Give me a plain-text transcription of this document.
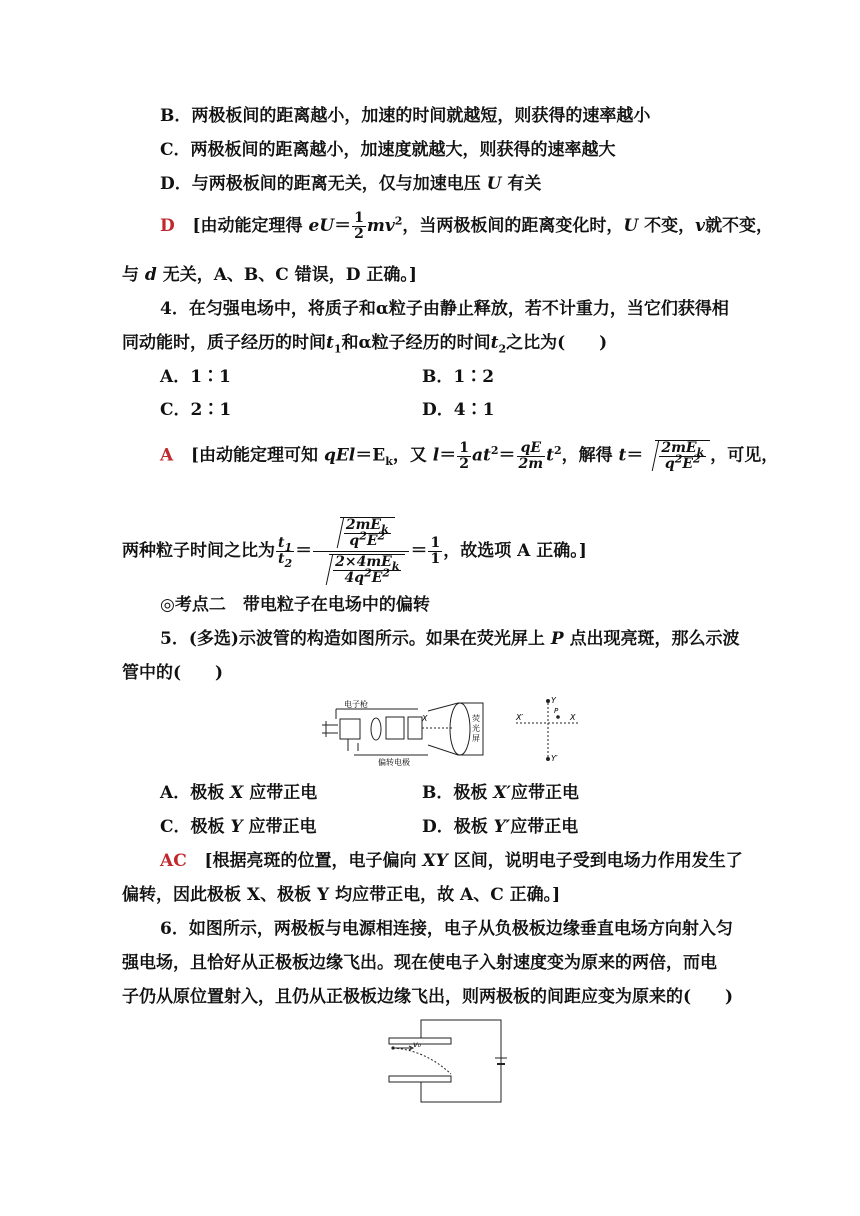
B．两极板间的距离越小，加速的时间就越短，则获得的速率越小
C．两极板间的距离越小，加速度就越大，则获得的速率越大
D．与两极板间的距离无关，仅与加速电压 U 有关
D [由动能定理得 $eU= \frac{1}{2} mv^2$，当两极板间的距离变化时，U 不变，v就不变，
与 d 无关，A、B、C 错误，D 正确。]
4．在匀强电场中，将质子和α粒子由静止释放，若不计重力，当它们获得相
同动能时，质子经历的时间$t_1$和α粒子经历的时间$t_2$之比为(　　)
A．1∶1	B．1∶2
C．2∶1	D．4∶1
A [由动能定理可知 $qEl=E_k$，又 $l= \frac{1}{2} at^2= \frac{qE}{2m} t^2$，解得 $t= \frac{2mE_k}{q^2E^2}$ ，可见，
两种粒子时间之比为 $\frac{t_1}{t_2} = \frac{\frac{2mE_k}{q^2E^2}}{\frac{2\times 4mE_k}{4q^2E^2}} = \frac{1}{1}$ ，故选项 A 正确。]
◎考点二　带电粒子在电场中的偏转
5．(多选)示波管的构造如图所示。如果在荧光屏上 P 点出现亮斑，那么示波
管中的(　　)
电子枪
偏转电极
荧
光
屏
X	X′	X
Y
Y′
P
A．极板 X 应带正电	B．极板 X′应带正电
C．极板 Y 应带正电	D．极板 Y′应带正电
AC [根据亮斑的位置，电子偏向 XY 区间，说明电子受到电场力作用发生了
偏转，因此极板 X、极板 Y 均应带正电，故 A、C 正确。]
6．如图所示，两极板与电源相连接，电子从负极板边缘垂直电场方向射入匀
强电场，且恰好从正极板边缘飞出。现在使电子入射速度变为原来的两倍，而电
子仍从原位置射入，且仍从正极板边缘飞出，则两极板的间距应变为原来的(　　)
v₀
